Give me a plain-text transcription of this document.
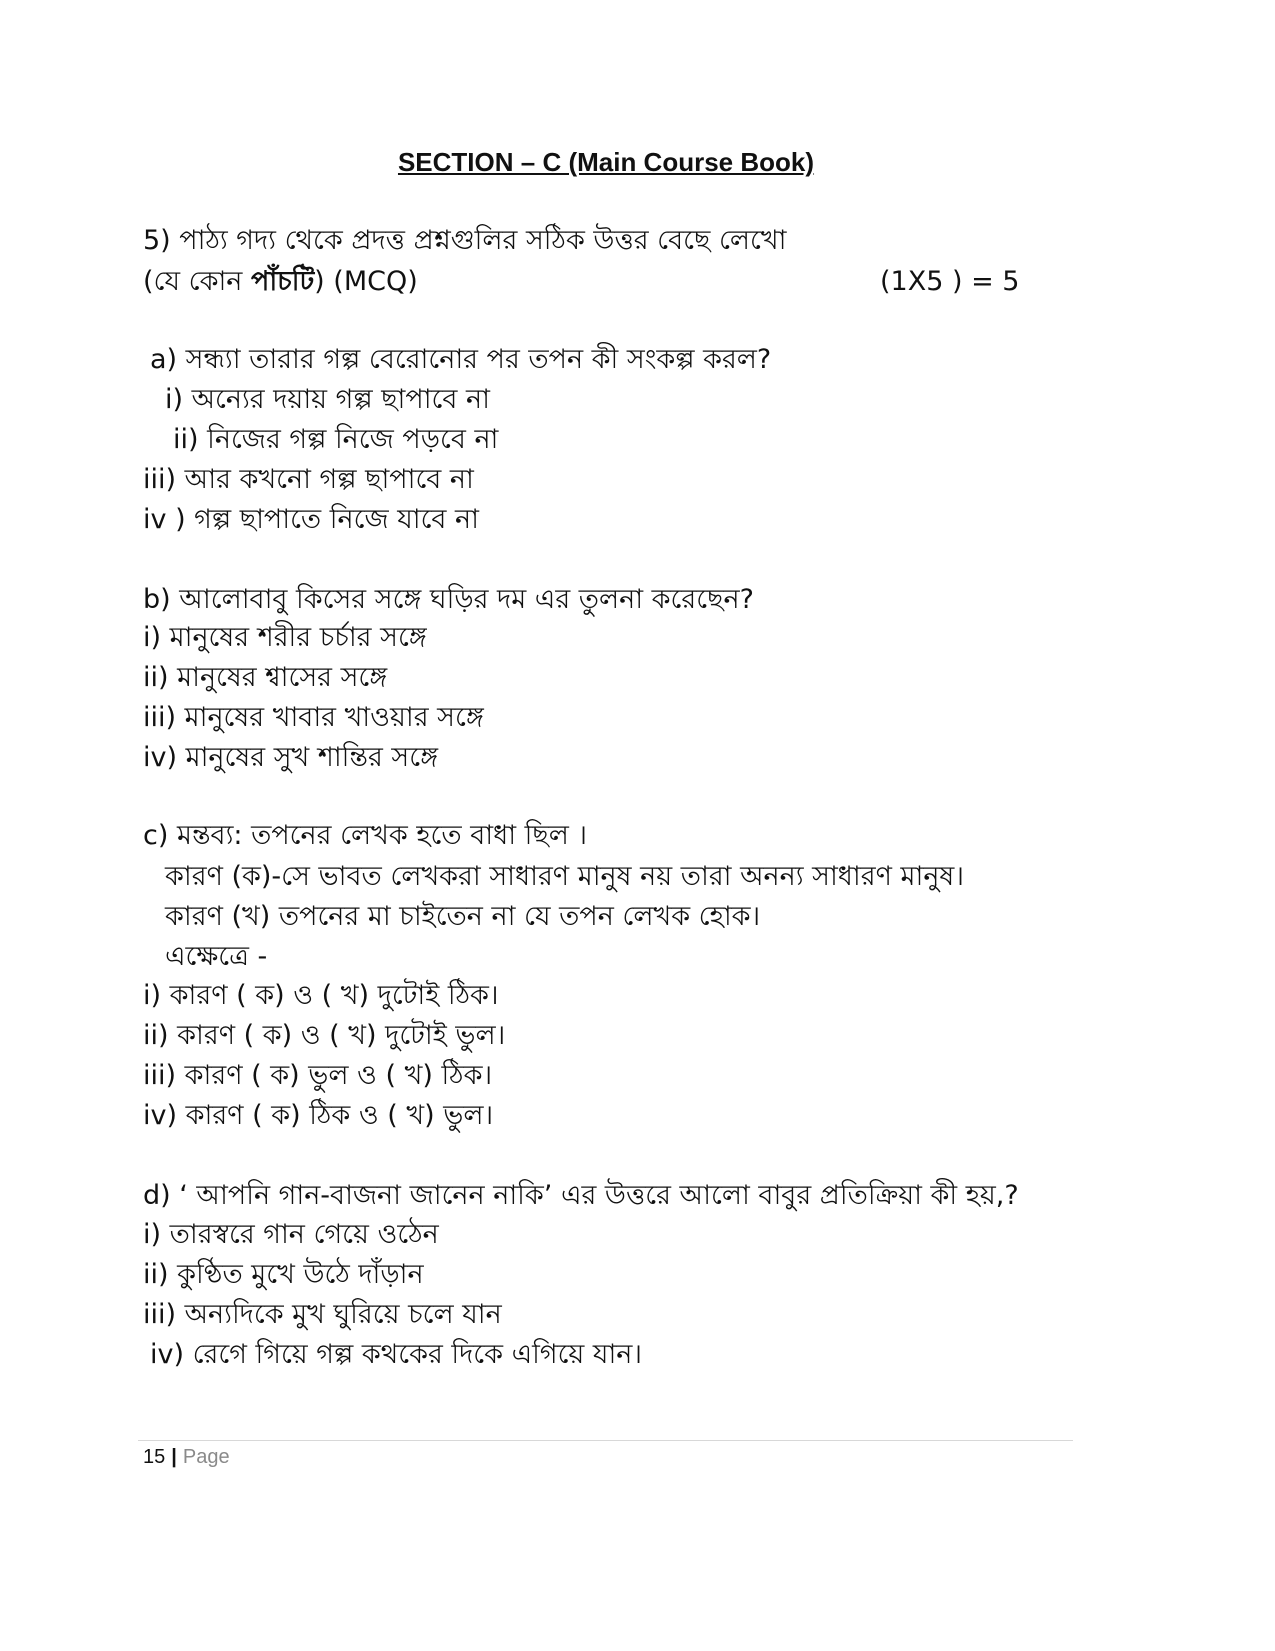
SECTION – C (Main Course Book)
5) পাঠ্য গদ্য থেকে প্রদত্ত প্রশ্নগুলির সঠিক উত্তর বেছে লেখো
(যে কোন পাঁচটি) (MCQ)	(1X5 ) = 5
a) সন্ধ্যা তারার গল্প বেরোনোর পর তপন কী সংকল্প করল?
i) অন্যের দয়ায় গল্প ছাপাবে না
ii) নিজের গল্প নিজে পড়বে না
iii) আর কখনো গল্প ছাপাবে না
iv ) গল্প ছাপাতে নিজে যাবে না
b) আলোবাবু কিসের সঙ্গে ঘড়ির দম এর তুলনা করেছেন?
i) মানুষের শরীর চর্চার সঙ্গে
ii) মানুষের শ্বাসের সঙ্গে
iii) মানুষের খাবার খাওয়ার সঙ্গে
iv) মানুষের সুখ শান্তির সঙ্গে
c) মন্তব্য: তপনের লেখক হতে বাধা ছিল ।
কারণ (ক)-সে ভাবত লেখকরা সাধারণ মানুষ নয় তারা অনন্য সাধারণ মানুষ।
কারণ (খ) তপনের মা চাইতেন না যে তপন লেখক হোক।
এক্ষেত্রে -
i) কারণ ( ক) ও ( খ) দুটোই ঠিক।
ii) কারণ ( ক) ও ( খ) দুটোই ভুল।
iii) কারণ ( ক) ভুল ও ( খ) ঠিক।
iv) কারণ ( ক) ঠিক ও ( খ) ভুল।
d) ‘ আপনি গান-বাজনা জানেন নাকি’ এর উত্তরে আলো বাবুর প্রতিক্রিয়া কী হয়,?
i) তারস্বরে গান গেয়ে ওঠেন
ii) কুণ্ঠিত মুখে উঠে দাঁড়ান
iii) অন্যদিকে মুখ ঘুরিয়ে চলে যান
iv) রেগে গিয়ে গল্প কথকের দিকে এগিয়ে যান।
15 | Page
